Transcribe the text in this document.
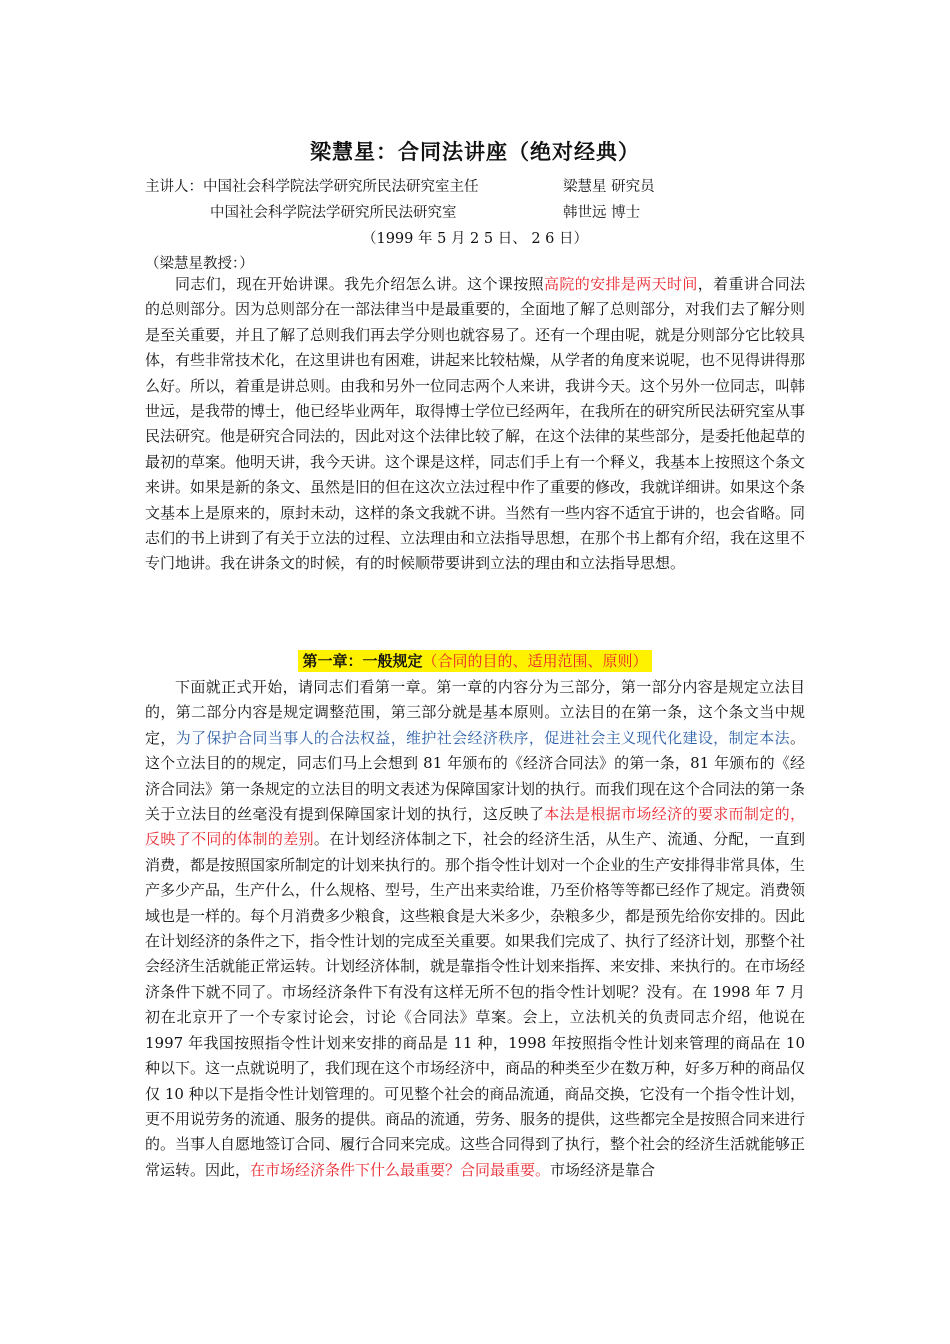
梁慧星：合同法讲座（绝对经典）
主讲人：中国社会科学院法学研究所民法研究室主任	梁慧星 研究员
中国社会科学院法学研究所民法研究室	韩世远 博士
（1999 年 5 月 2 5 日、 2 6 日）
（梁慧星教授：）

同志们，现在开始讲课。我先介绍怎么讲。这个课按照高院的安排是两天时间，着重讲合同法的总则部分。因为总则部分在一部法律当中是最重要的，全面地了解了总则部分，对我们去了解分则是至关重要，并且了解了总则我们再去学分则也就容易了。还有一个理由呢，就是分则部分它比较具体，有些非常技术化，在这里讲也有困难，讲起来比较枯燥，从学者的角度来说呢，也不见得讲得那么好。所以，着重是讲总则。由我和另外一位同志两个人来讲，我讲今天。这个另外一位同志，叫韩世远，是我带的博士，他已经毕业两年，取得博士学位已经两年，在我所在的研究所民法研究室从事民法研究。他是研究合同法的，因此对这个法律比较了解，在这个法律的某些部分，是委托他起草的最初的草案。他明天讲，我今天讲。这个课是这样，同志们手上有一个释义，我基本上按照这个条文来讲。如果是新的条文、虽然是旧的但在这次立法过程中作了重要的修改，我就详细讲。如果这个条文基本上是原来的，原封未动，这样的条文我就不讲。当然有一些内容不适宜于讲的，也会省略。同志们的书上讲到了有关于立法的过程、立法理由和立法指导思想，在那个书上都有介绍，我在这里不专门地讲。我在讲条文的时候，有的时候顺带要讲到立法的理由和立法指导思想。

第一章：一般规定（合同的目的、适用范围、原则）

下面就正式开始，请同志们看第一章。第一章的内容分为三部分，第一部分内容是规定立法目的，第二部分内容是规定调整范围，第三部分就是基本原则。立法目的在第一条，这个条文当中规定，为了保护合同当事人的合法权益，维护社会经济秩序，促进社会主义现代化建设，制定本法。这个立法目的的规定，同志们马上会想到 81 年颁布的《经济合同法》的第一条，81 年颁布的《经济合同法》第一条规定的立法目的明文表述为保障国家计划的执行。而我们现在这个合同法的第一条关于立法目的丝毫没有提到保障国家计划的执行，这反映了本法是根据市场经济的要求而制定的，反映了不同的体制的差别。在计划经济体制之下，社会的经济生活，从生产、流通、分配，一直到消费，都是按照国家所制定的计划来执行的。那个指令性计划对一个企业的生产安排得非常具体，生产多少产品，生产什么，什么规格、型号，生产出来卖给谁，乃至价格等等都已经作了规定。消费领域也是一样的。每个月消费多少粮食，这些粮食是大米多少，杂粮多少，都是预先给你安排的。因此在计划经济的条件之下，指令性计划的完成至关重要。如果我们完成了、执行了经济计划，那整个社会经济生活就能正常运转。计划经济体制，就是靠指令性计划来指挥、来安排、来执行的。在市场经济条件下就不同了。市场经济条件下有没有这样无所不包的指令性计划呢？没有。在 1998 年 7 月初在北京开了一个专家讨论会，讨论《合同法》草案。会上，立法机关的负责同志介绍，他说在 1997 年我国按照指令性计划来安排的商品是 11 种，1998 年按照指令性计划来管理的商品在 10 种以下。这一点就说明了，我们现在这个市场经济中，商品的种类至少在数万种，好多万种的商品仅仅 10 种以下是指令性计划管理的。可见整个社会的商品流通，商品交换，它没有一个指令性计划，更不用说劳务的流通、服务的提供。商品的流通，劳务、服务的提供，这些都完全是按照合同来进行的。当事人自愿地签订合同、履行合同来完成。这些合同得到了执行，整个社会的经济生活就能够正常运转。因此，在市场经济条件下什么最重要？合同最重要。市场经济是靠合
